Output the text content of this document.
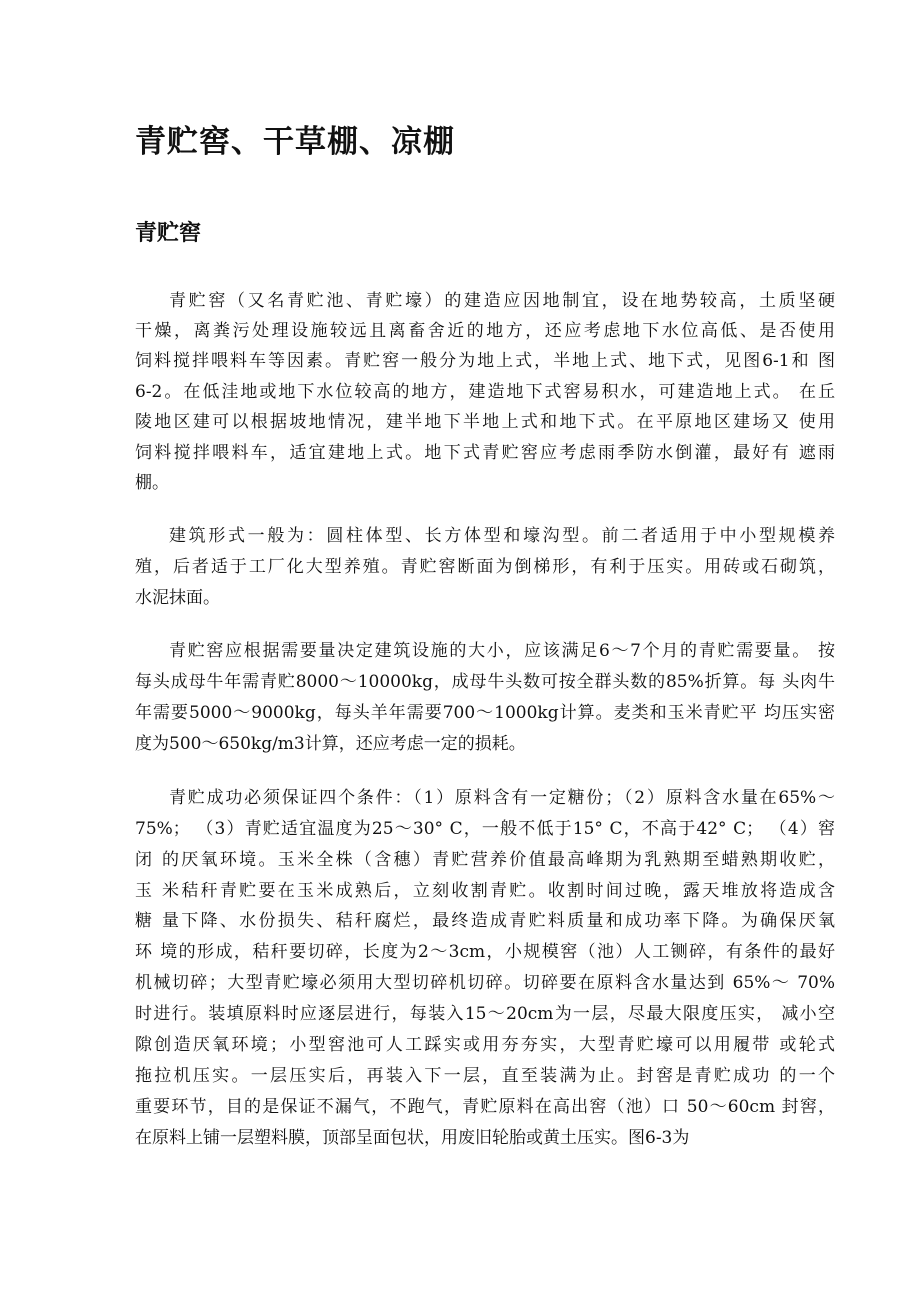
青贮窖、干草棚、凉棚
青贮窖
青贮窖（又名青贮池、青贮壕）的建造应因地制宜，设在地势较高，土质坚硬
干燥，离粪污处理设施较远且离畜舍近的地方，还应考虑地下水位高低、是否使用
饲料搅拌喂料车等因素。青贮窖一般分为地上式，半地上式、地下式，见图6-1和 图
6-2。在低洼地或地下水位较高的地方，建造地下式窖易积水，可建造地上式。 在丘
陵地区建可以根据坡地情况，建半地下半地上式和地下式。在平原地区建场又 使用
饲料搅拌喂料车，适宜建地上式。地下式青贮窖应考虑雨季防水倒灌，最好有 遮雨
棚。
建筑形式一般为：圆柱体型、长方体型和壕沟型。前二者适用于中小型规模养
殖，后者适于工厂化大型养殖。青贮窖断面为倒梯形，有利于压实。用砖或石砌筑，
水泥抹面。
青贮窖应根据需要量决定建筑设施的大小，应该满足6〜7个月的青贮需要量。 按
每头成母牛年需青贮8000〜10000kg，成母牛头数可按全群头数的85%折算。每 头肉牛
年需要5000〜9000kg，每头羊年需要700〜1000kg计算。麦类和玉米青贮平 均压实密
度为500〜650kg/m3计算，还应考虑一定的损耗。
青贮成功必须保证四个条件：（1）原料含有一定糖份；（2）原料含水量在65%〜
75%； （3）青贮适宜温度为25〜30° C，一般不低于15° C，不高于42° C； （4）窖
闭 的厌氧环境。玉米全株（含穗）青贮营养价值最高峰期为乳熟期至蜡熟期收贮，
玉 米秸秆青贮要在玉米成熟后，立刻收割青贮。收割时间过晚，露天堆放将造成含
糖 量下降、水份损失、秸秆腐烂，最终造成青贮料质量和成功率下降。为确保厌氧
环 境的形成，秸秆要切碎，长度为2〜3cm，小规模窖（池）人工铡碎，有条件的最好
机械切碎；大型青贮壕必须用大型切碎机切碎。切碎要在原料含水量达到 65%〜 70%
时进行。装填原料时应逐层进行，每装入15〜20cm为一层，尽最大限度压实， 减小空
隙创造厌氧环境；小型窖池可人工踩实或用夯夯实，大型青贮壕可以用履带 或轮式
拖拉机压实。一层压实后，再装入下一层，直至装满为止。封窖是青贮成功 的一个
重要环节，目的是保证不漏气，不跑气，青贮原料在高出窖（池）口 50〜60cm 封窖，
在原料上铺一层塑料膜，顶部呈面包状，用废旧轮胎或黄土压实。图6-3为
